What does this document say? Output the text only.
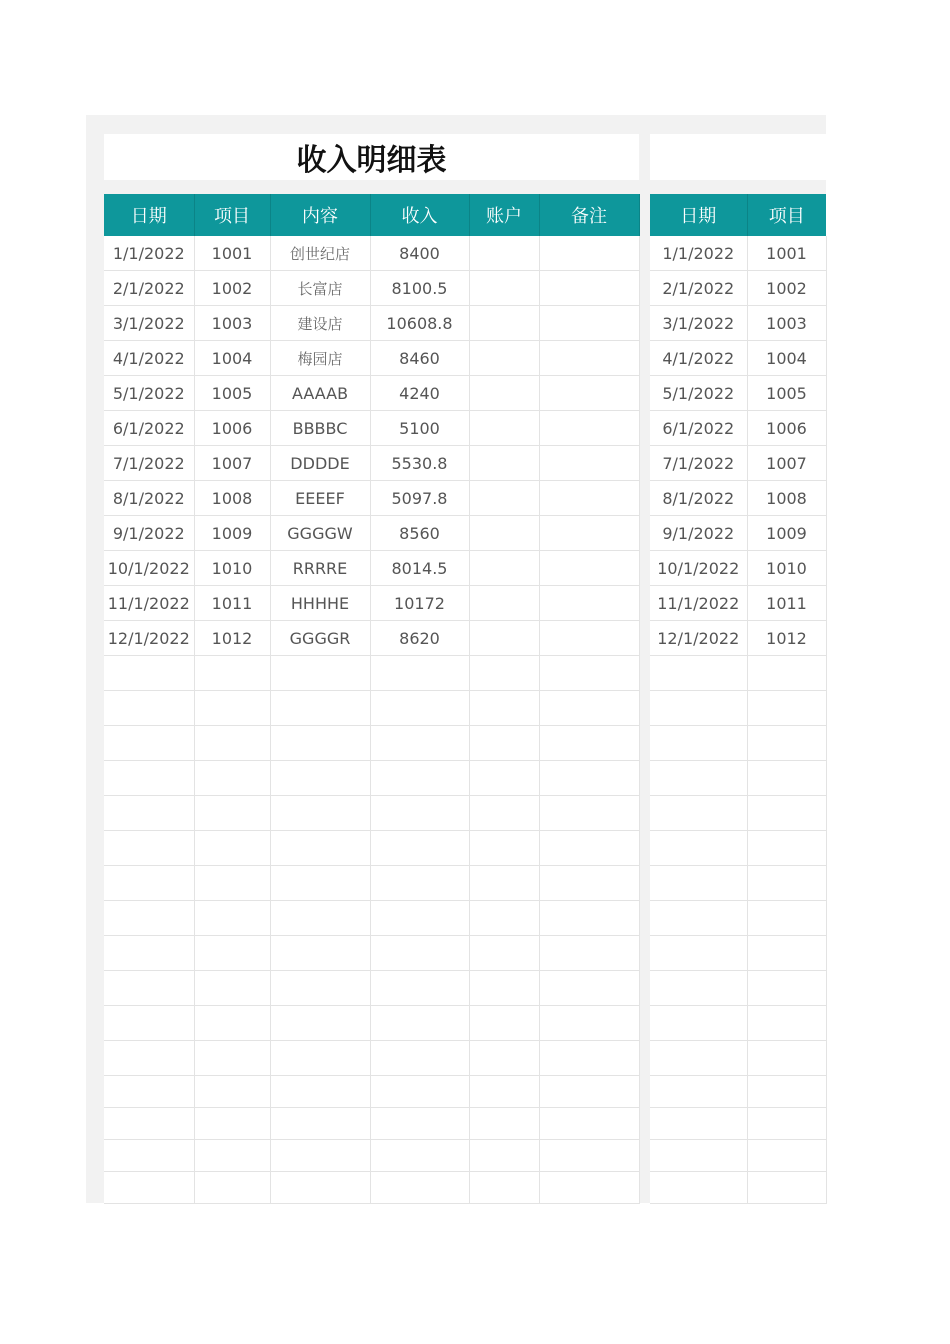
收入明细表
日期	项目	内容	收入	账户	备注
1/1/2022	1001	创世纪店	8400		
2/1/2022	1002	长富店	8100.5		
3/1/2022	1003	建设店	10608.8		
4/1/2022	1004	梅园店	8460		
5/1/2022	1005	AAAAB	4240		
6/1/2022	1006	BBBBC	5100		
7/1/2022	1007	DDDDE	5530.8		
8/1/2022	1008	EEEEF	5097.8		
9/1/2022	1009	GGGGW	8560		
10/1/2022	1010	RRRRE	8014.5		
11/1/2022	1011	HHHHE	10172		
12/1/2022	1012	GGGGR	8620		

日期	项目
1/1/2022	1001
2/1/2022	1002
3/1/2022	1003
4/1/2022	1004
5/1/2022	1005
6/1/2022	1006
7/1/2022	1007
8/1/2022	1008
9/1/2022	1009
10/1/2022	1010
11/1/2022	1011
12/1/2022	1012
